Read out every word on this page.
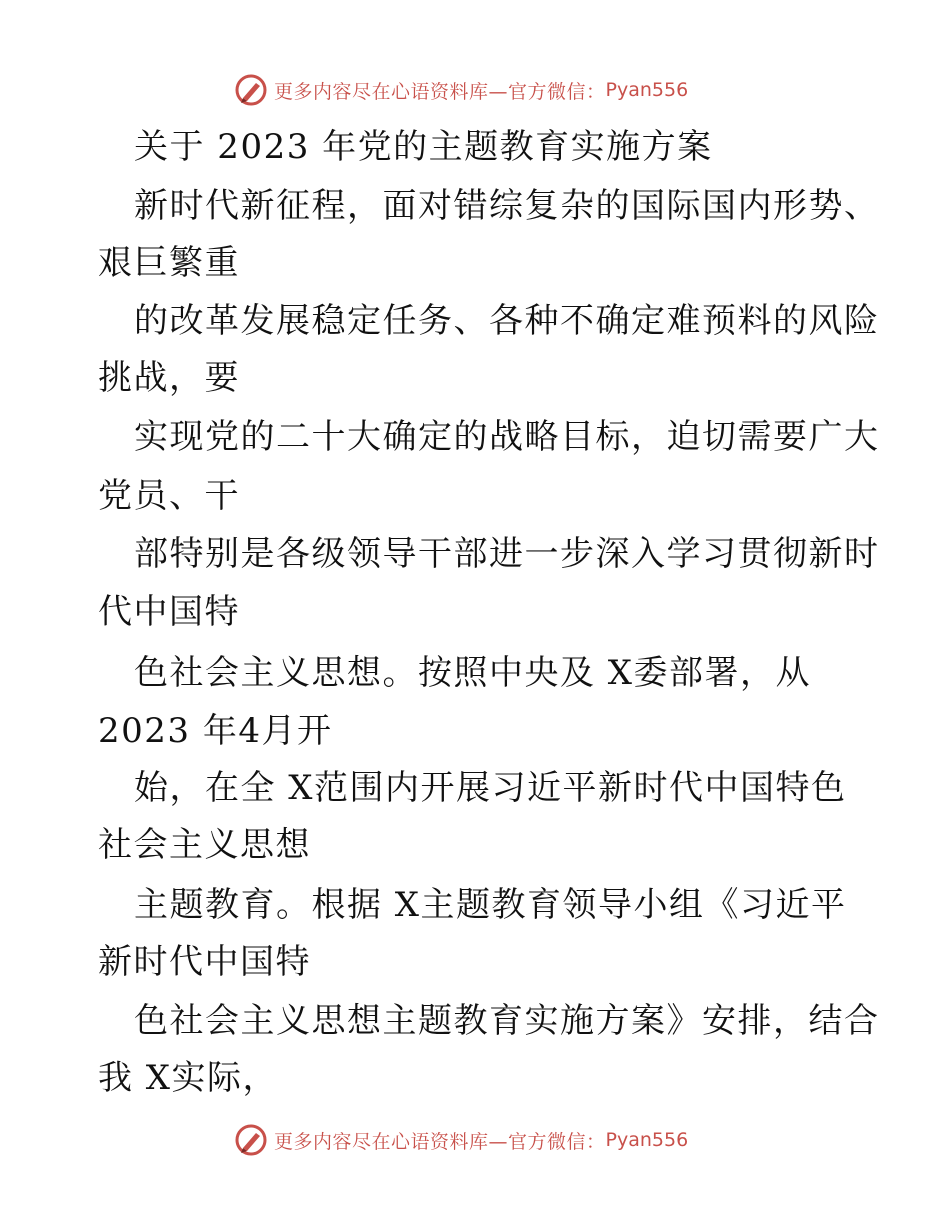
更多内容尽在心语资料库—官方微信： Pyan556
关于 2023 年党的主题教育实施方案
新时代新征程，面对错综复杂的国际国内形势、
艰巨繁重
的改革发展稳定任务、各种不确定难预料的风险
挑战，要
实现党的二十大确定的战略目标，迫切需要广大
党员、干
部特别是各级领导干部进一步深入学习贯彻新时
代中国特
色社会主义思想。按照中央及 X委部署，从
2023 年4月开
始，在全 X范围内开展习近平新时代中国特色
社会主义思想
主题教育。根据 X主题教育领导小组《习近平
新时代中国特
色社会主义思想主题教育实施方案》安排，结合
我 X实际，
更多内容尽在心语资料库—官方微信： Pyan556
